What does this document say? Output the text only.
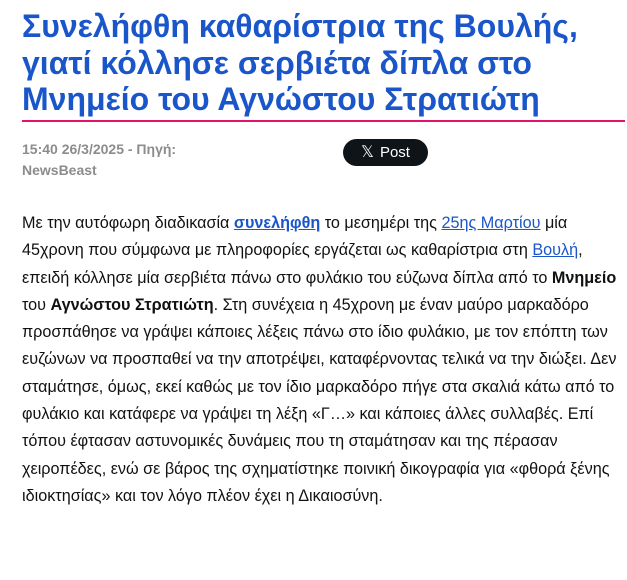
Συνελήφθη καθαρίστρια της Βουλής, γιατί κόλλησε σερβιέτα δίπλα στο Μνημείο του Αγνώστου Στρατιώτη
15:40 26/3/2025 - Πηγή:
NewsBeast
𝕏 Post

Με την αυτόφωρη διαδικασία συνελήφθη το μεσημέρι της 25ης Μαρτίου μία 45χρονη που σύμφωνα με πληροφορίες εργάζεται ως καθαρίστρια στη Βουλή, επειδή κόλλησε μία σερβιέτα πάνω στο φυλάκιο του εύζωνα δίπλα από το Μνημείο του Αγνώστου Στρατιώτη. Στη συνέχεια η 45χρονη με έναν μαύρο μαρκαδόρο προσπάθησε να γράψει κάποιες λέξεις πάνω στο ίδιο φυλάκιο, με τον επόπτη των ευζώνων να προσπαθεί να την αποτρέψει, καταφέρνοντας τελικά να την διώξει. Δεν σταμάτησε, όμως, εκεί καθώς με τον ίδιο μαρκαδόρο πήγε στα σκαλιά κάτω από το φυλάκιο και κατάφερε να γράψει τη λέξη «Γ…» και κάποιες άλλες συλλαβές. Επί τόπου έφτασαν αστυνομικές δυνάμεις που τη σταμάτησαν και της πέρασαν χειροπέδες, ενώ σε βάρος της σχηματίστηκε ποινική δικογραφία για «φθορά ξένης ιδιοκτησίας» και τον λόγο πλέον έχει η Δικαιοσύνη.
